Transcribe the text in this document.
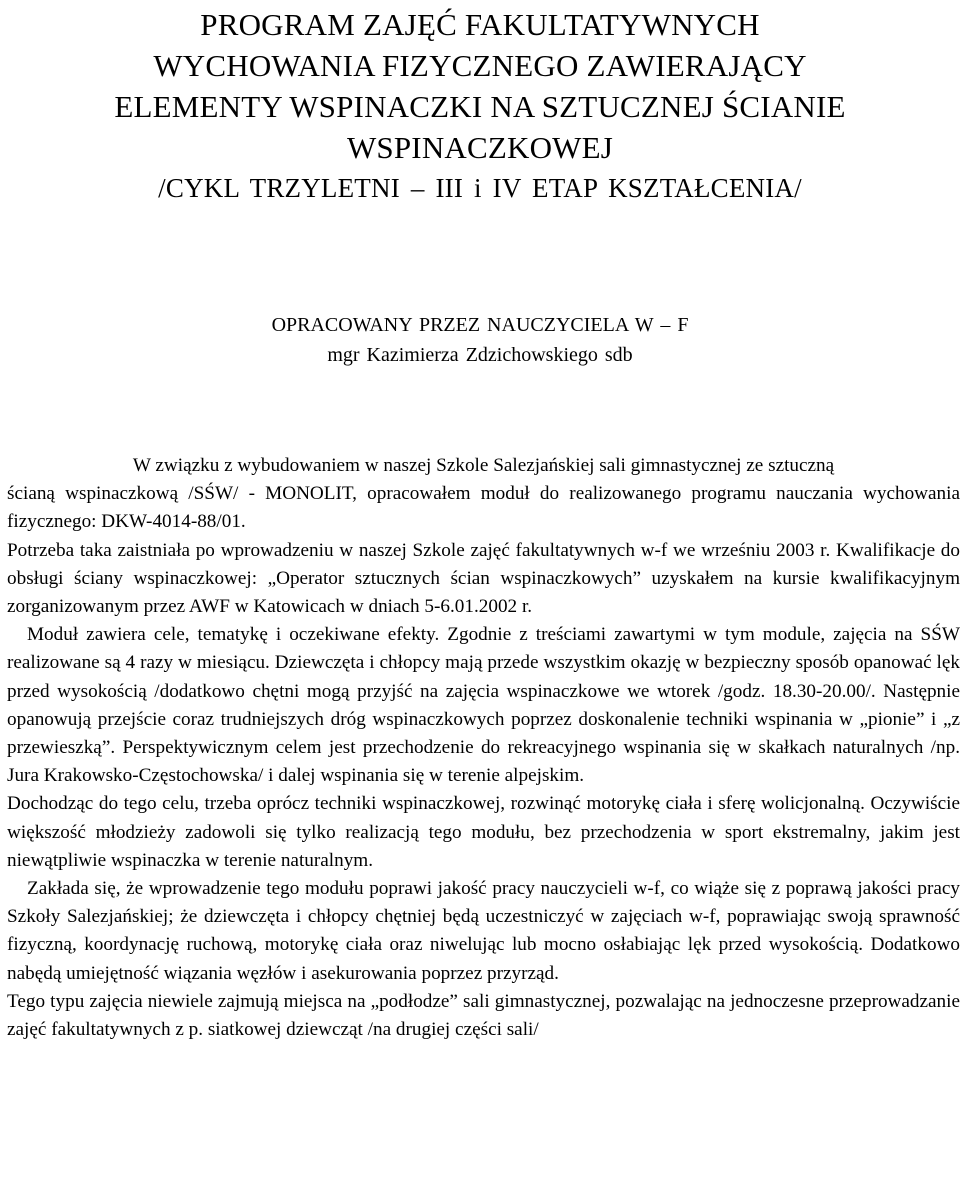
PROGRAM ZAJĘĆ FAKULTATYWNYCH
WYCHOWANIA FIZYCZNEGO ZAWIERAJĄCY
ELEMENTY WSPINACZKI NA SZTUCZNEJ ŚCIANIE
WSPINACZKOWEJ
/CYKL TRZYLETNI – III i IV ETAP KSZTAŁCENIA/
OPRACOWANY PRZEZ NAUCZYCIELA W – F
mgr Kazimierza Zdzichowskiego sdb

W związku z wybudowaniem w naszej Szkole Salezjańskiej sali gimnastycznej ze sztuczną

ścianą wspinaczkową /SŚW/ - MONOLIT, opracowałem moduł do realizowanego programu nauczania wychowania fizycznego: DKW-4014-88/01.

Potrzeba taka zaistniała po wprowadzeniu w naszej Szkole zajęć fakultatywnych w-f we wrześniu 2003 r. Kwalifikacje do obsługi ściany wspinaczkowej: „Operator sztucznych ścian wspinaczkowych” uzyskałem na kursie kwalifikacyjnym zorganizowanym przez AWF w Katowicach w dniach 5-6.01.2002 r.

Moduł zawiera cele, tematykę i oczekiwane efekty. Zgodnie z treściami zawartymi w tym module, zajęcia na SŚW realizowane są 4 razy w miesiącu. Dziewczęta i chłopcy mają przede wszystkim okazję w bezpieczny sposób opanować lęk przed wysokością /dodatkowo chętni mogą przyjść na zajęcia wspinaczkowe we wtorek /godz. 18.30-20.00/. Następnie opanowują przejście coraz trudniejszych dróg wspinaczkowych poprzez doskonalenie techniki wspinania w „pionie” i „z przewieszką”. Perspektywicznym celem jest przechodzenie do rekreacyjnego wspinania się w skałkach naturalnych /np. Jura Krakowsko-Częstochowska/ i dalej wspinania się w terenie alpejskim.

Dochodząc do tego celu, trzeba oprócz techniki wspinaczkowej, rozwinąć motorykę ciała i sferę wolicjonalną. Oczywiście większość młodzieży zadowoli się tylko realizacją tego modułu, bez przechodzenia w sport ekstremalny, jakim jest niewątpliwie wspinaczka w terenie naturalnym.

Zakłada się, że wprowadzenie tego modułu poprawi jakość pracy nauczycieli w-f, co wiąże się z poprawą jakości pracy Szkoły Salezjańskiej; że dziewczęta i chłopcy chętniej będą uczestniczyć w zajęciach w-f, poprawiając swoją sprawność fizyczną, koordynację ruchową, motorykę ciała oraz niwelując lub mocno osłabiając lęk przed wysokością. Dodatkowo nabędą umiejętność wiązania węzłów i asekurowania poprzez przyrząd.

Tego typu zajęcia niewiele zajmują miejsca na „podłodze” sali gimnastycznej, pozwalając na jednoczesne przeprowadzanie zajęć fakultatywnych z p. siatkowej dziewcząt /na drugiej części sali/
